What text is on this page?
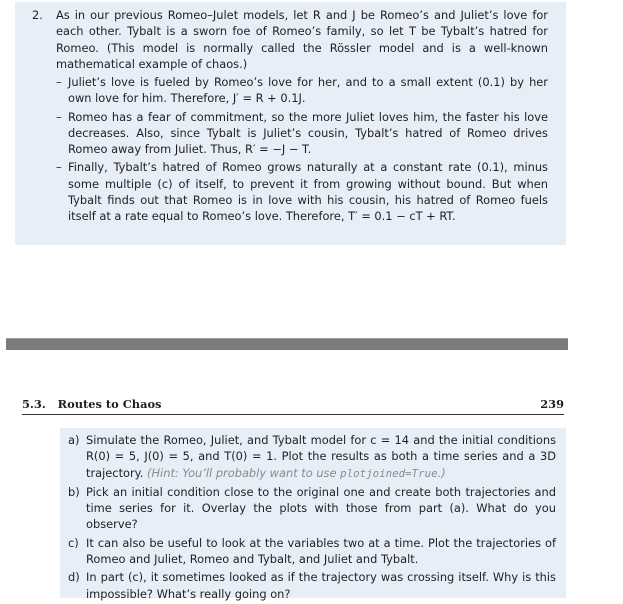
2.	As in our previous Romeo–Julet models, let R and J be Romeo’s and Juliet’s love for each other. Tybalt is a sworn foe of Romeo’s family, so let T be Tybalt’s hatred for Romeo. (This model is normally called the Rössler model and is a well-known mathematical example of chaos.)
– Juliet’s love is fueled by Romeo’s love for her, and to a small extent (0.1) by her own love for him. Therefore, J′ = R + 0.1J.
– Romeo has a fear of commitment, so the more Juliet loves him, the faster his love decreases. Also, since Tybalt is Juliet’s cousin, Tybalt’s hatred of Romeo drives Romeo away from Juliet. Thus, R′ = −J − T.
– Finally, Tybalt’s hatred of Romeo grows naturally at a constant rate (0.1), minus some multiple (c) of itself, to prevent it from growing without bound. But when Tybalt finds out that Romeo is in love with his cousin, his hatred of Romeo fuels itself at a rate equal to Romeo’s love. Therefore, T′ = 0.1 − cT + RT.
5.3.   Routes to Chaos	239
a) Simulate the Romeo, Juliet, and Tybalt model for c = 14 and the initial conditions R(0) = 5, J(0) = 5, and T(0) = 1. Plot the results as both a time series and a 3D trajectory. (Hint: You’ll probably want to use plotjoined=True.)
b) Pick an initial condition close to the original one and create both trajectories and time series for it. Overlay the plots with those from part (a). What do you observe?
c) It can also be useful to look at the variables two at a time. Plot the trajectories of Romeo and Juliet, Romeo and Tybalt, and Juliet and Tybalt.
d) In part (c), it sometimes looked as if the trajectory was crossing itself. Why is this impossible? What’s really going on?
